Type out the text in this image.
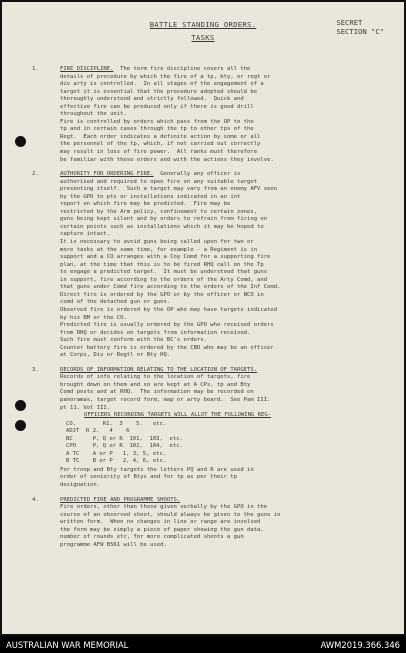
BATTLE STANDING ORDERS.
TASKS
SECRET
SECTION "C"
1.	FIRE DISCIPLINE.  The term fire discipline covers all the
details of procedure by which the fire of a tp, bty, or regt or
div arty is controlled.  In all stages of the engagement of a
target it is essential that the procedure adopted should be
thoroughly understood and strictly followed.  Quick and
effective fire can be produced only if there is good drill
throughout the unit.
Fire is controlled by orders which pass from the OP to the
tp and in certain cases through the tp to other tps of the
Regt.  Each order indicates a definite action by some or all
the personnel of the tp, which, if not carried out correctly
may result in loss of fire power.  All ranks must therefore
be familiar with these orders and with the actions they involve.
2.	AUTHORITY FOR ORDERING FIRE.  Generally any officer is
authorised and required to open fire on any suitable target
presenting itself.  Such a target may vary from an enemy AFV seen
by the GPO to pts or installations indicated in an int
report on which fire may be predicted.  Fire may be
restricted by the Arm policy, confinement to certain zones,
guns being kept silent and by orders to refrain from firing on
certain points such as installations which it may be hoped to
capture intact.
It is necessary to avoid guns being called upon for two or
more tasks at the same time, for example - a Regiment is in
support and a CO arranges with a Coy Comd for a supporting fire
plan, at the time that this is to be fired RHQ call on the Tp
to engage a predicted target.  It must be understood that guns
in support, fire according to the orders of the Arty Comd, and
that guns under Comd fire according to the orders of the Inf Comd.
Direct fire is ordered by the GPO or by the officer or NCO in
comd of the detached gun or guns.
Observed fire is ordered by the OP who may have targets indicated
by his BM or the CO.
Predicted fire is usually ordered by the GPO who received orders
from RHQ or decides on targets from information received.
Such fire must conform with the BC's orders.
Counter battery fire is ordered by the CBO who may be an officer
at Corps, Div or Regtl or Bty HQ.
3.	RECORDS OF INFORMATION RELATING TO THE LOCATION OF TARGETS.
Records of info relating to the location of targets, fire
brought down on them and so are kept at A CPs, tp and Bty
Comd posts and at RHQ.  The information may be recorded on
panoramas, target record form, map or arty board.  See Pam III.
pt 11. Vol III.
OFFICERS RECORDING TARGETS WILL ALLOT THE FOLLOWING REG-
CO.        R1.  3    5.   etc.
ADJT  R 2.   4    6
BC      P, Q or R  101,  103,  etc.
CPO     P, Q or R  102,  104,  etc.
A TC    A or P   1, 3, 5, etc.
B TC    B or P   2, 4, 6, etc.
For troop and Bty targets the letters PQ and R are used in
order of seniority of Btys and for tp as per their tp
designation.
4.	PREDICTED FIRE AND PROGRAMME SHOOTS.
Fire orders, other than those given verbally by the GPO in the
course of an observed shoot, should always be given to the guns in
written form.  When no changes in line or range are involved
the form may be simply a piece of paper showing the gun data,
number of rounds etc, for more complicated shoots a gun
programme AFW B561 will be used.
AUSTRALIAN WAR MEMORIAL	AWM2019.366.346
